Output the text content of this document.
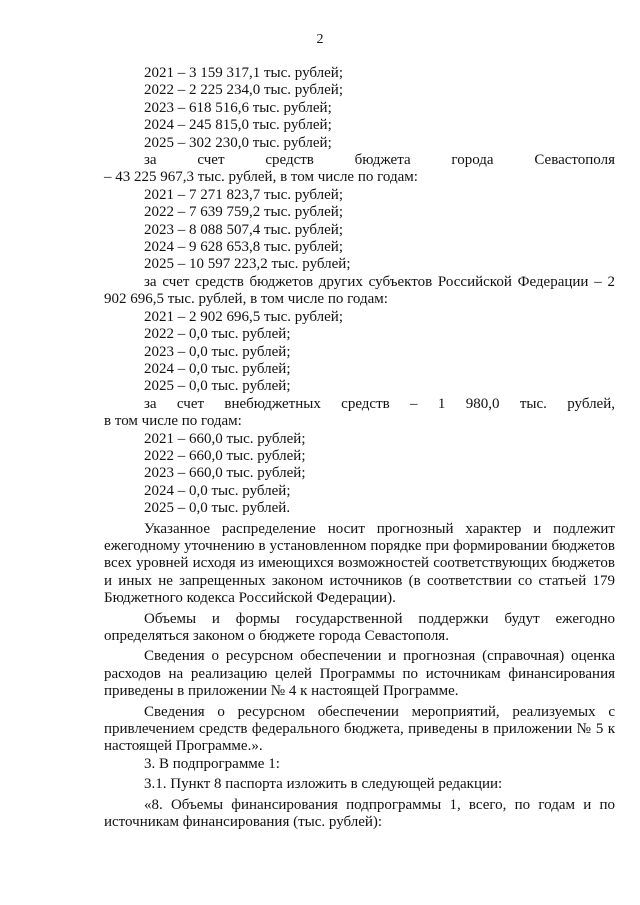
2

2021 – 3 159 317,1 тыс. рублей;

2022 – 2 225 234,0 тыс. рублей;

2023 – 618 516,6 тыс. рублей;

2024 – 245 815,0 тыс. рублей;

2025 – 302 230,0 тыс. рублей;

за счет средств бюджета города Севастополя

– 43 225 967,3 тыс. рублей, в том числе по годам:

2021 – 7 271 823,7 тыс. рублей;

2022 – 7 639 759,2 тыс. рублей;

2023 – 8 088 507,4 тыс. рублей;

2024 – 9 628 653,8 тыс. рублей;

2025 – 10 597 223,2 тыс. рублей;

за счет средств бюджетов других субъектов Российской Федерации – 2 902 696,5 тыс. рублей, в том числе по годам:

2021 – 2 902 696,5 тыс. рублей;

2022 – 0,0 тыс. рублей;

2023 – 0,0 тыс. рублей;

2024 – 0,0 тыс. рублей;

2025 – 0,0 тыс. рублей;

за счет внебюджетных средств – 1 980,0 тыс. рублей,

в том числе по годам:

2021 – 660,0 тыс. рублей;

2022 – 660,0 тыс. рублей;

2023 – 660,0 тыс. рублей;

2024 – 0,0 тыс. рублей;

2025 – 0,0 тыс. рублей.

Указанное распределение носит прогнозный характер и подлежит ежегодному уточнению в установленном порядке при формировании бюджетов всех уровней исходя из имеющихся возможностей соответствующих бюджетов и иных не запрещенных законом источников (в соответствии со статьей 179 Бюджетного кодекса Российской Федерации).

Объемы и формы государственной поддержки будут ежегодно определяться законом о бюджете города Севастополя.

Сведения о ресурсном обеспечении и прогнозная (справочная) оценка расходов на реализацию целей Программы по источникам финансирования приведены в приложении № 4 к настоящей Программе.

Сведения о ресурсном обеспечении мероприятий, реализуемых с привлечением средств федерального бюджета, приведены в приложении № 5 к настоящей Программе.».

3. В подпрограмме 1:

3.1. Пункт 8 паспорта изложить в следующей редакции:

«8. Объемы финансирования подпрограммы 1, всего, по годам и по источникам финансирования (тыс. рублей):
